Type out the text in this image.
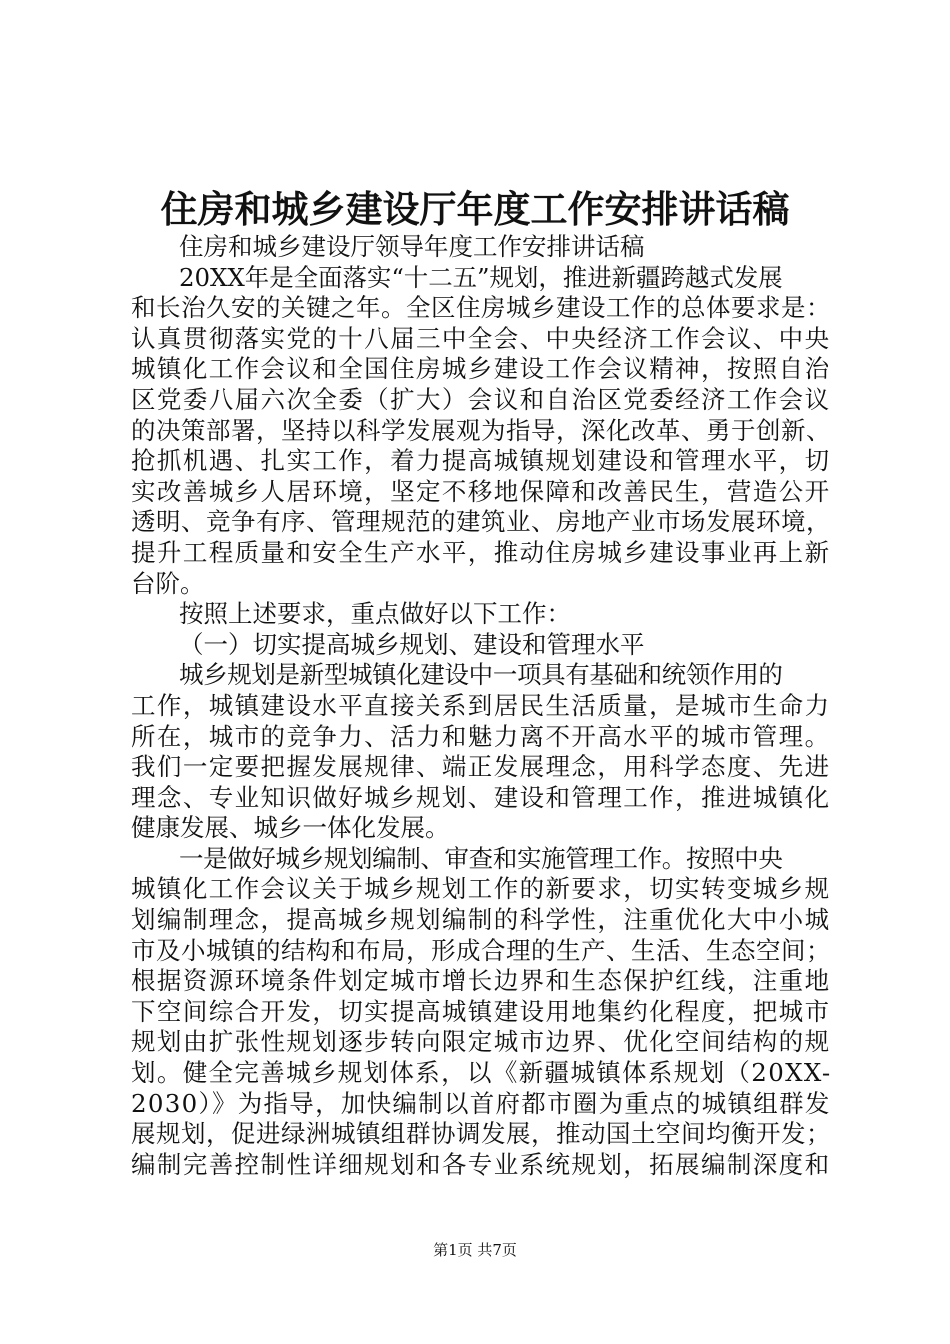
住房和城乡建设厅年度工作安排讲话稿
住房和城乡建设厅领导年度工作安排讲话稿
20XX年是全面落实“十二五”规划，推进新疆跨越式发展
和长治久安的关键之年。全区住房城乡建设工作的总体要求是：
认真贯彻落实党的十八届三中全会、中央经济工作会议、中央
城镇化工作会议和全国住房城乡建设工作会议精神，按照自治
区党委八届六次全委（扩大）会议和自治区党委经济工作会议
的决策部署，坚持以科学发展观为指导，深化改革、勇于创新、
抢抓机遇、扎实工作，着力提高城镇规划建设和管理水平，切
实改善城乡人居环境，坚定不移地保障和改善民生，营造公开
透明、竞争有序、管理规范的建筑业、房地产业市场发展环境，
提升工程质量和安全生产水平，推动住房城乡建设事业再上新
台阶。
按照上述要求，重点做好以下工作：
（一）切实提高城乡规划、建设和管理水平
城乡规划是新型城镇化建设中一项具有基础和统领作用的
工作，城镇建设水平直接关系到居民生活质量，是城市生命力
所在，城市的竞争力、活力和魅力离不开高水平的城市管理。
我们一定要把握发展规律、端正发展理念，用科学态度、先进
理念、专业知识做好城乡规划、建设和管理工作，推进城镇化
健康发展、城乡一体化发展。
一是做好城乡规划编制、审查和实施管理工作。按照中央
城镇化工作会议关于城乡规划工作的新要求，切实转变城乡规
划编制理念，提高城乡规划编制的科学性，注重优化大中小城
市及小城镇的结构和布局，形成合理的生产、生活、生态空间；
根据资源环境条件划定城市增长边界和生态保护红线，注重地
下空间综合开发，切实提高城镇建设用地集约化程度，把城市
规划由扩张性规划逐步转向限定城市边界、优化空间结构的规
划。健全完善城乡规划体系，以《新疆城镇体系规划（20XX-
2030）》为指导，加快编制以首府都市圈为重点的城镇组群发
展规划，促进绿洲城镇组群协调发展，推动国土空间均衡开发；
编制完善控制性详细规划和各专业系统规划，拓展编制深度和
第1页 共7页
